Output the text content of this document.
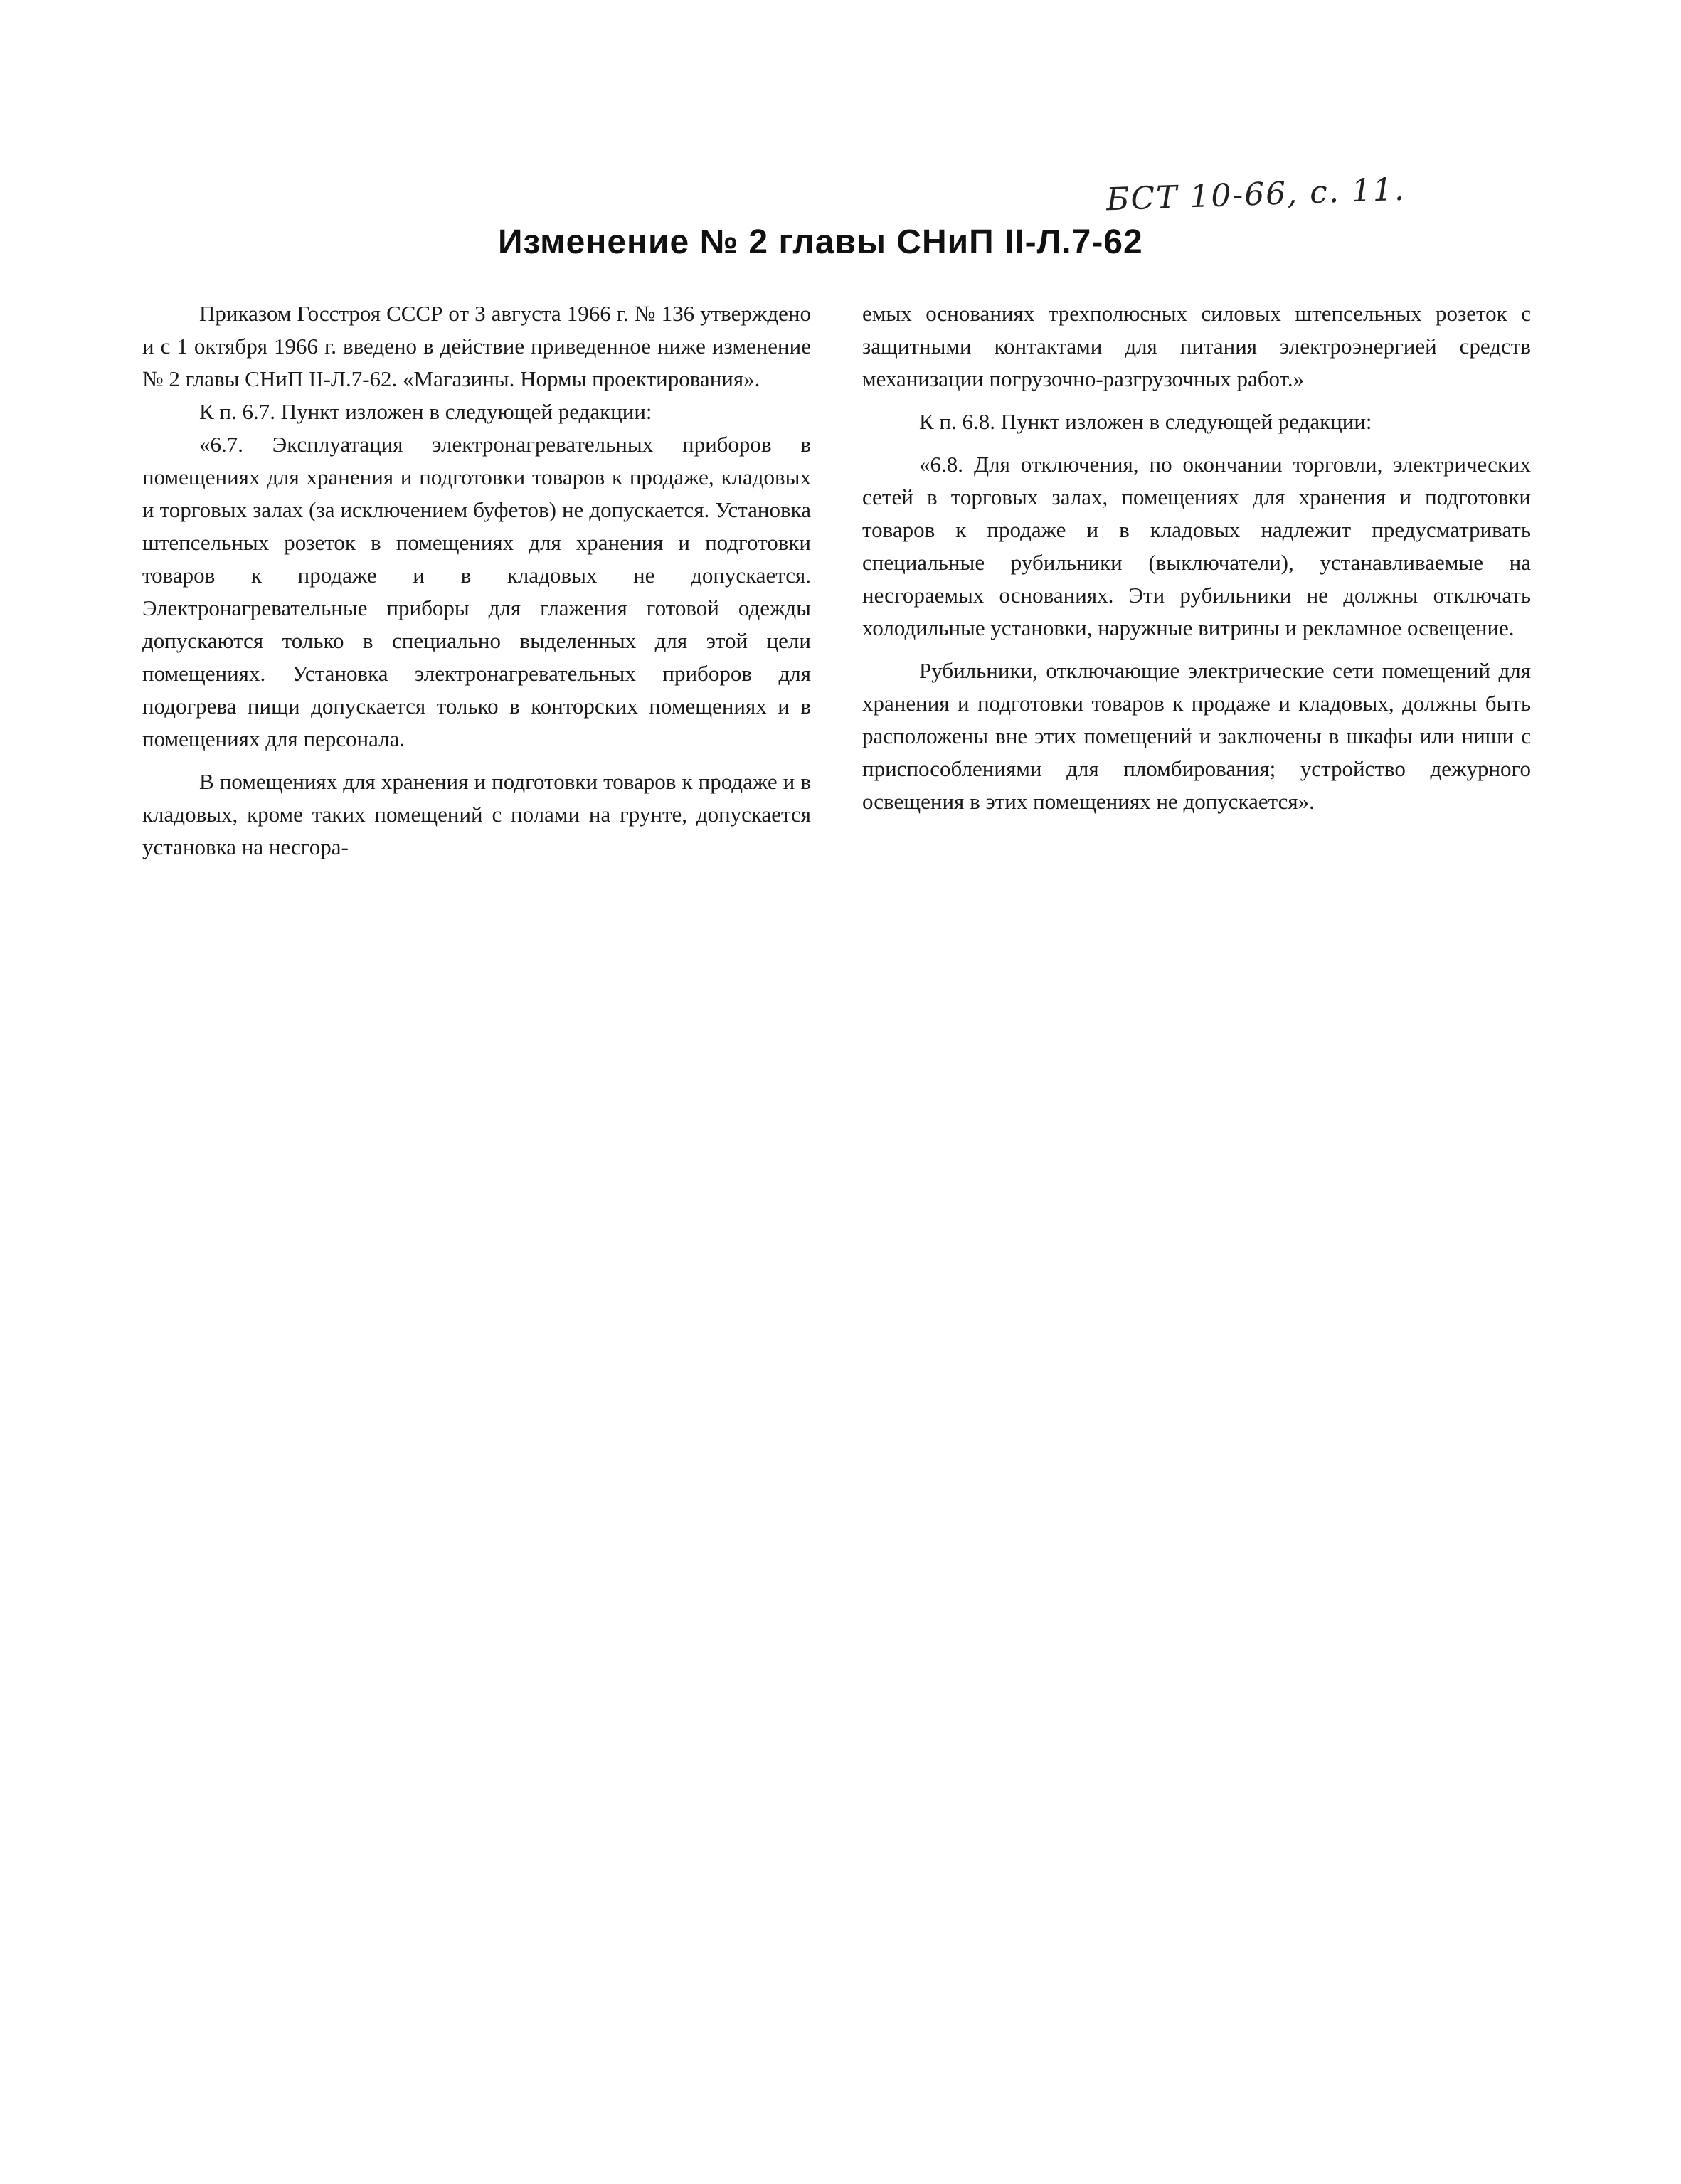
БСТ 10-66, с. 11.
Изменение № 2 главы СНиП II-Л.7-62

Приказом Госстроя СССР от 3 августа 1966 г. № 136 утверждено и с 1 октября 1966 г. введено в действие приведенное ниже изменение № 2 главы СНиП II-Л.7-62. «Магазины. Нормы проектирования».

К п. 6.7. Пункт изложен в следующей редакции:

«6.7. Эксплуатация электронагревательных приборов в помещениях для хранения и подготовки товаров к продаже, кладовых и торговых залах (за исключением буфетов) не допускается. Установка штепсельных розеток в помещениях для хранения и подготовки товаров к продаже и в кладовых не допускается. Электронагревательные приборы для глажения готовой одежды допускаются только в специально выделенных для этой цели помещениях. Установка электронагревательных приборов для подогрева пищи допускается только в конторских помещениях и в помещениях для персонала.

В помещениях для хранения и подготовки товаров к продаже и в кладовых, кроме таких помещений с полами на грунте, допускается установка на несгора-

емых основаниях трехполюсных силовых штепсельных розеток с защитными контактами для питания электроэнергией средств механизации погрузочно-разгрузочных работ.»

К п. 6.8. Пункт изложен в следующей редакции:

«6.8. Для отключения, по окончании торговли, электрических сетей в торговых залах, помещениях для хранения и подготовки товаров к продаже и в кладовых надлежит предусматривать специальные рубильники (выключатели), устанавливаемые на несгораемых основаниях. Эти рубильники не должны отключать холодильные установки, наружные витрины и рекламное освещение.

Рубильники, отключающие электрические сети помещений для хранения и подготовки товаров к продаже и кладовых, должны быть расположены вне этих помещений и заключены в шкафы или ниши с приспособлениями для пломбирования; устройство дежурного освещения в этих помещениях не допускается».
